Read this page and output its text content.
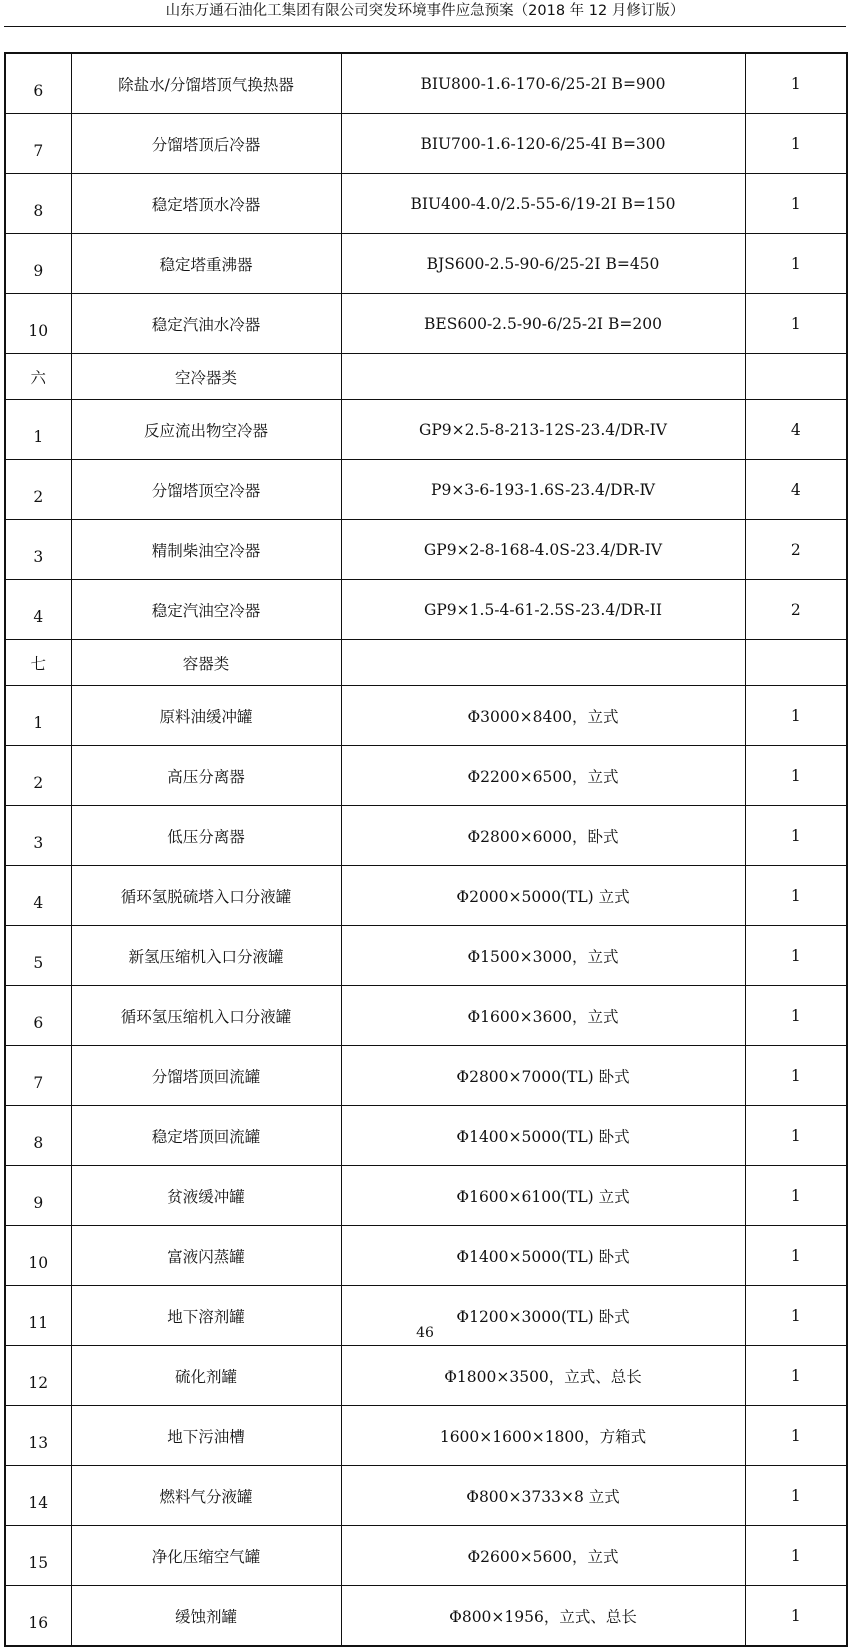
山东万通石油化工集团有限公司突发环境事件应急预案（2018 年 12 月修订版）
6	除盐水/分馏塔顶气换热器	BIU800-1.6-170-6/25-2I B=900	1
7	分馏塔顶后冷器	BIU700-1.6-120-6/25-4I B=300	1
8	稳定塔顶水冷器	BIU400-4.0/2.5-55-6/19-2I B=150	1
9	稳定塔重沸器	BJS600-2.5-90-6/25-2I B=450	1
10	稳定汽油水冷器	BES600-2.5-90-6/25-2I B=200	1
六	空冷器类		
1	反应流出物空冷器	GP9×2.5-8-213-12S-23.4/DR-IV	4
2	分馏塔顶空冷器	P9×3-6-193-1.6S-23.4/DR-Ⅳ	4
3	精制柴油空冷器	GP9×2-8-168-4.0S-23.4/DR-IV	2
4	稳定汽油空冷器	GP9×1.5-4-61-2.5S-23.4/DR-II	2
七	容器类		
1	原料油缓冲罐	Φ3000×8400，立式	1
2	高压分离器	Φ2200×6500，立式	1
3	低压分离器	Φ2800×6000，卧式	1
4	循环氢脱硫塔入口分液罐	Φ2000×5000(TL) 立式	1
5	新氢压缩机入口分液罐	Φ1500×3000，立式	1
6	循环氢压缩机入口分液罐	Φ1600×3600，立式	1
7	分馏塔顶回流罐	Φ2800×7000(TL) 卧式	1
8	稳定塔顶回流罐	Φ1400×5000(TL) 卧式	1
9	贫液缓冲罐	Φ1600×6100(TL) 立式	1
10	富液闪蒸罐	Φ1400×5000(TL) 卧式	1
11	地下溶剂罐	Φ1200×3000(TL) 卧式	1
12	硫化剂罐	Φ1800×3500，立式、总长	1
13	地下污油槽	1600×1600×1800，方箱式	1
14	燃料气分液罐	Φ800×3733×8 立式	1
15	净化压缩空气罐	Φ2600×5600，立式	1
16	缓蚀剂罐	Φ800×1956，立式、总长	1
46
